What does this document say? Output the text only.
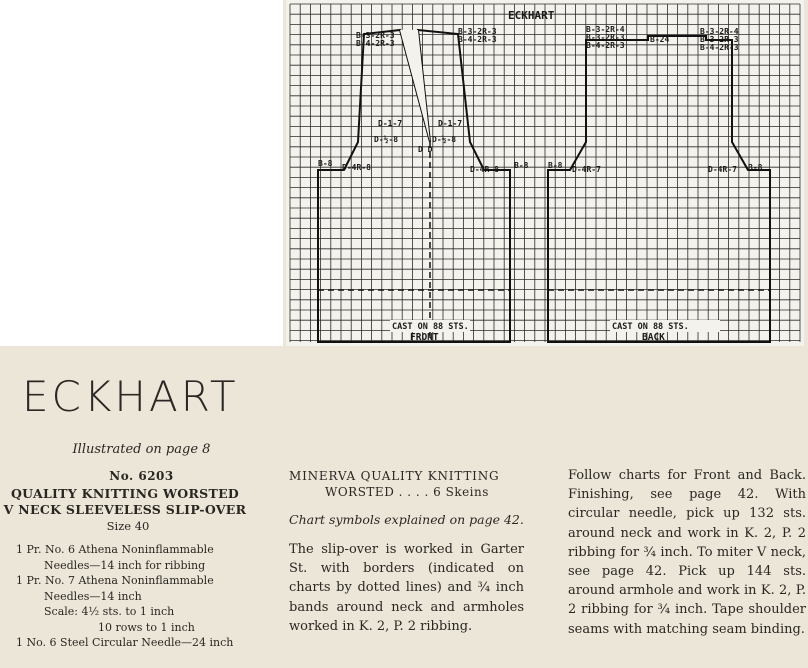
ECKHART
B-3-2R-3
B-4-2R-3
B-3-2R-3
B-4-2R-3
D-1-7
D-½-8
D-1-7
D-½-8
D D
B-8 D-4R-8	D-4R-8 B-8
B-3-2R-4
B-3-2R-3
B-4-2R-3
B-24
B-3-2R-4
B-3-2R-3
B-4-2R-3
B-8 D-4R-7	D-4R-7 B-8
CAST ON 88 STS.	CAST ON 88 STS.
FRONT	BACK
ECKHART
Illustrated on page 8
No. 6203
QUALITY KNITTING WORSTED
V NECK SLEEVELESS SLIP-OVER
Size 40
1 Pr. No. 6 Athena Noninflammable
Needles—14 inch for ribbing
1 Pr. No. 7 Athena Noninflammable
Needles—14 inch
Scale: 4½ sts. to 1 inch
10 rows to 1 inch
1 No. 6 Steel Circular Needle—24 inch
MINERVA QUALITY KNITTING
WORSTED . . . . 6 Skeins
Chart symbols explained on page 42.
The slip-over is worked in Garter St. with borders (indicated on charts by dotted lines) and ¾ inch bands around neck and armholes worked in K. 2, P. 2 ribbing.
Follow charts for Front and Back. Finishing, see page 42. With circular needle, pick up 132 sts. around neck and work in K. 2, P. 2 ribbing for ¾ inch. To miter V neck, see page 42. Pick up 144 sts. around armhole and work in K. 2, P. 2 ribbing for ¾ inch. Tape shoulder seams with matching seam binding.
